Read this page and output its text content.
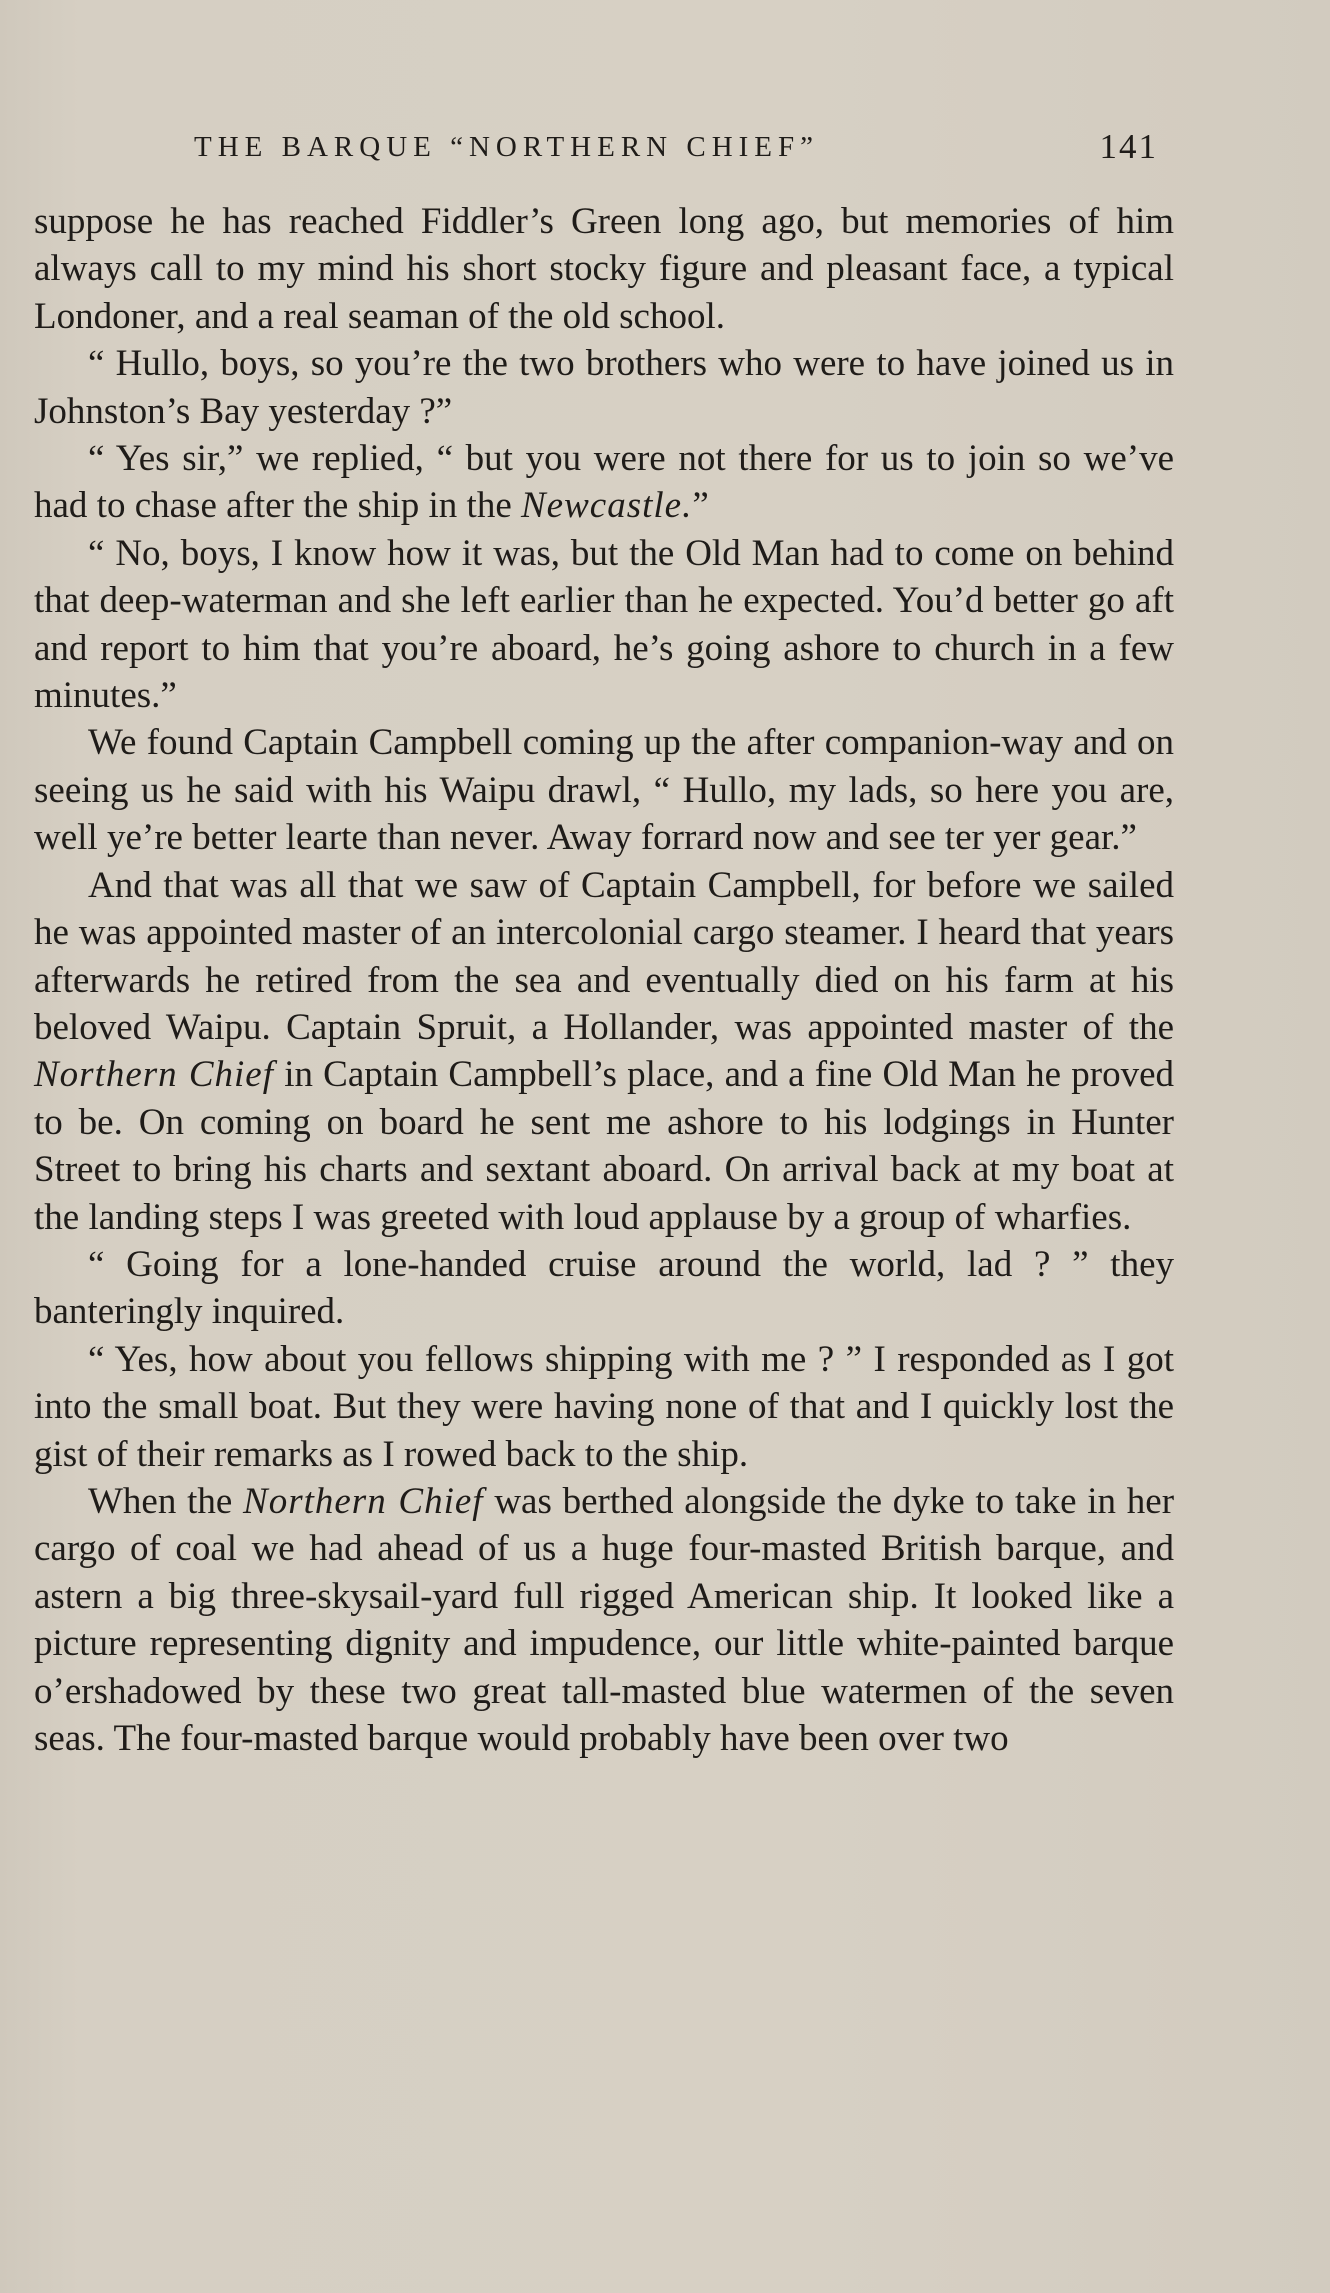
THE BARQUE “NORTHERN CHIEF”	141

suppose he has reached Fiddler’s Green long ago, but memories of him always call to my mind his short stocky figure and pleasant face, a typical Londoner, and a real seaman of the old school.

“ Hullo, boys, so you’re the two brothers who were to have joined us in Johnston’s Bay yesterday ?”

“ Yes sir,” we replied, “ but you were not there for us to join so we’ve had to chase after the ship in the Newcastle.”

“ No, boys, I know how it was, but the Old Man had to come on behind that deep-waterman and she left earlier than he expected. You’d better go aft and report to him that you’re aboard, he’s going ashore to church in a few minutes.”

We found Captain Campbell coming up the after companion-way and on seeing us he said with his Waipu drawl, “ Hullo, my lads, so here you are, well ye’re better learte than never. Away forrard now and see ter yer gear.”

And that was all that we saw of Captain Campbell, for before we sailed he was appointed master of an intercolonial cargo steamer. I heard that years afterwards he retired from the sea and eventually died on his farm at his beloved Waipu. Captain Spruit, a Hollander, was appointed master of the Northern Chief in Captain Campbell’s place, and a fine Old Man he proved to be. On coming on board he sent me ashore to his lodgings in Hunter Street to bring his charts and sextant aboard. On arrival back at my boat at the landing steps I was greeted with loud applause by a group of wharfies.

“ Going for a lone-handed cruise around the world, lad ? ” they banteringly inquired.

“ Yes, how about you fellows shipping with me ? ” I responded as I got into the small boat. But they were having none of that and I quickly lost the gist of their remarks as I rowed back to the ship.

When the Northern Chief was berthed alongside the dyke to take in her cargo of coal we had ahead of us a huge four-masted British barque, and astern a big three-skysail-yard full rigged American ship. It looked like a picture representing dignity and impudence, our little white-painted barque o’ershadowed by these two great tall-masted blue watermen of the seven seas. The four-masted barque would probably have been over two
